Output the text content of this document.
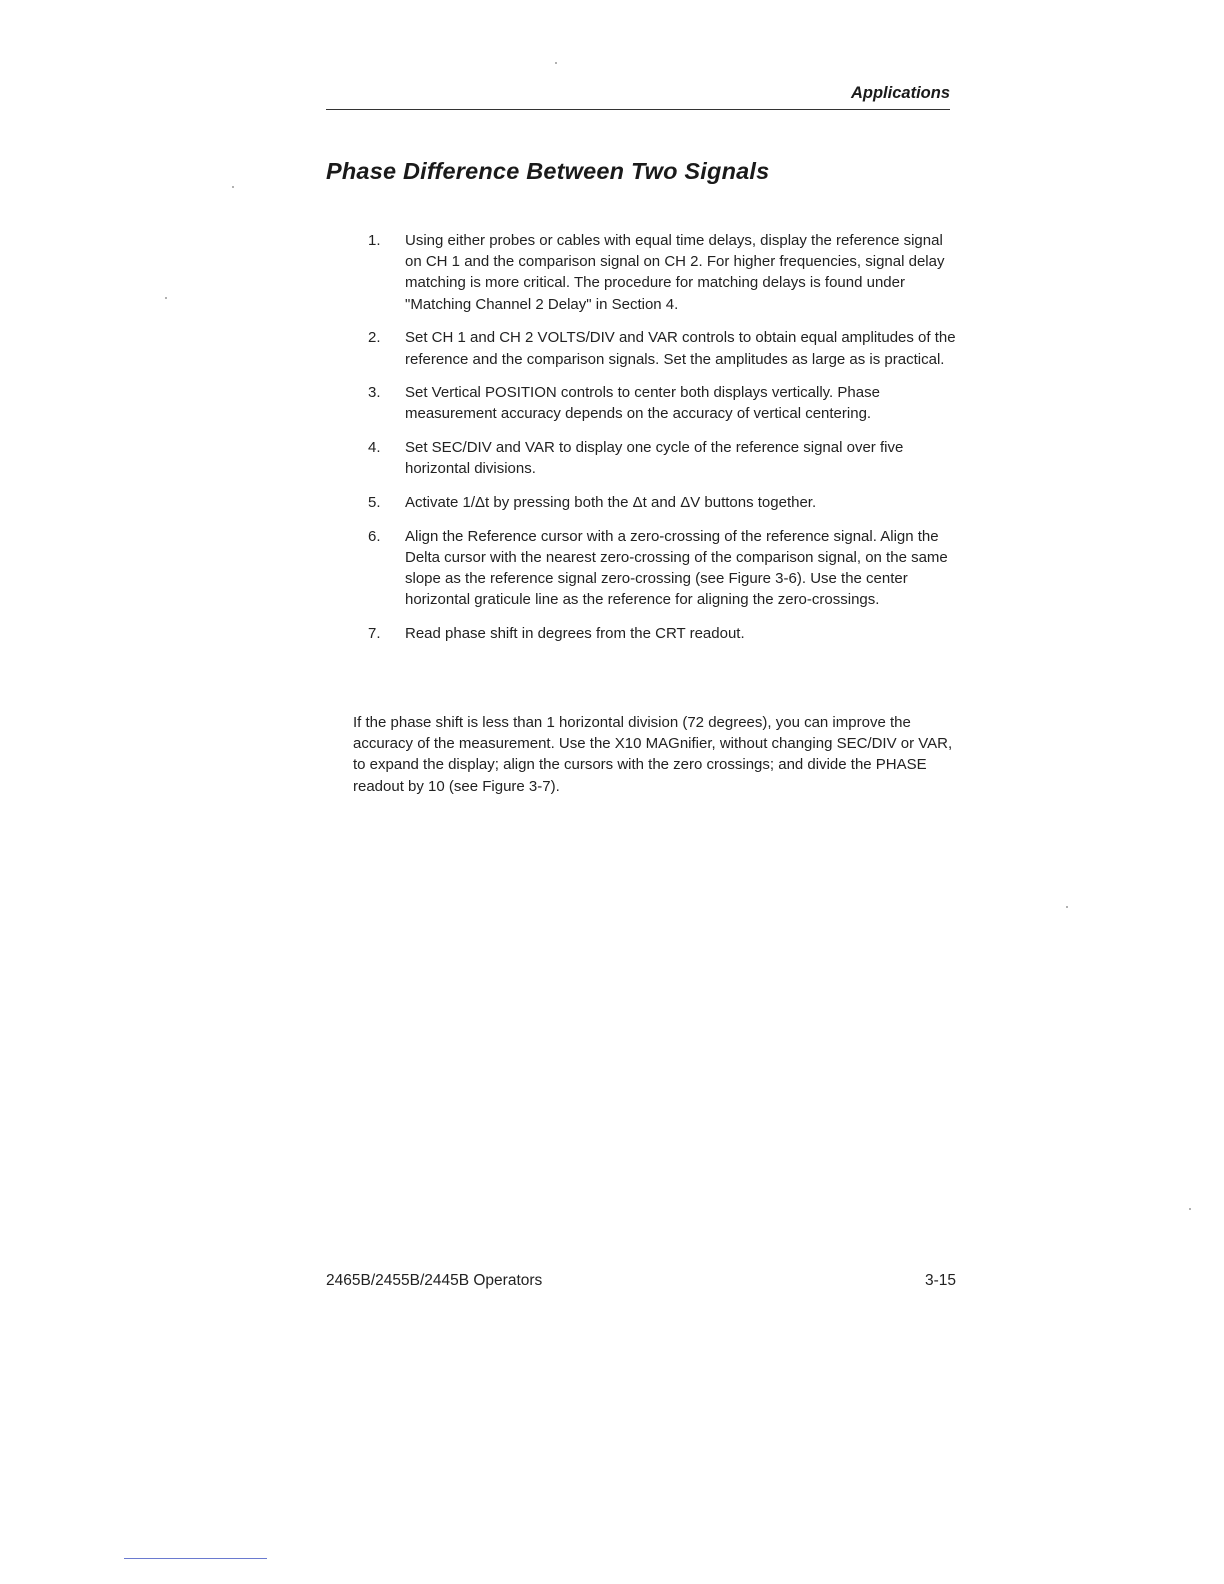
Applications
Phase Difference Between Two Signals
1.	Using either probes or cables with equal time delays, display the reference signal on CH 1 and the comparison signal on CH 2. For higher frequencies, signal delay matching is more critical. The procedure for matching delays is found under "Matching Channel 2 Delay" in Section 4.
2.	Set CH 1 and CH 2 VOLTS/DIV and VAR controls to obtain equal amplitudes of the reference and the comparison signals. Set the amplitudes as large as is practical.
3.	Set Vertical POSITION controls to center both displays vertically. Phase measurement accuracy depends on the accuracy of vertical centering.
4.	Set SEC/DIV and VAR to display one cycle of the reference signal over five horizontal divisions.
5.	Activate 1/Δt by pressing both the Δt and ΔV buttons together.
6.	Align the Reference cursor with a zero-crossing of the reference signal. Align the Delta cursor with the nearest zero-crossing of the comparison signal, on the same slope as the reference signal zero-crossing (see Figure 3-6). Use the center horizontal graticule line as the reference for aligning the zero-crossings.
7.	Read phase shift in degrees from the CRT readout.

If the phase shift is less than 1 horizontal division (72 degrees), you can improve the accuracy of the measurement. Use the X10 MAGnifier, without changing SEC/DIV or VAR, to expand the display; align the cursors with the zero crossings; and divide the PHASE readout by 10 (see Figure 3-7).

2465B/2455B/2445B Operators	3-15
